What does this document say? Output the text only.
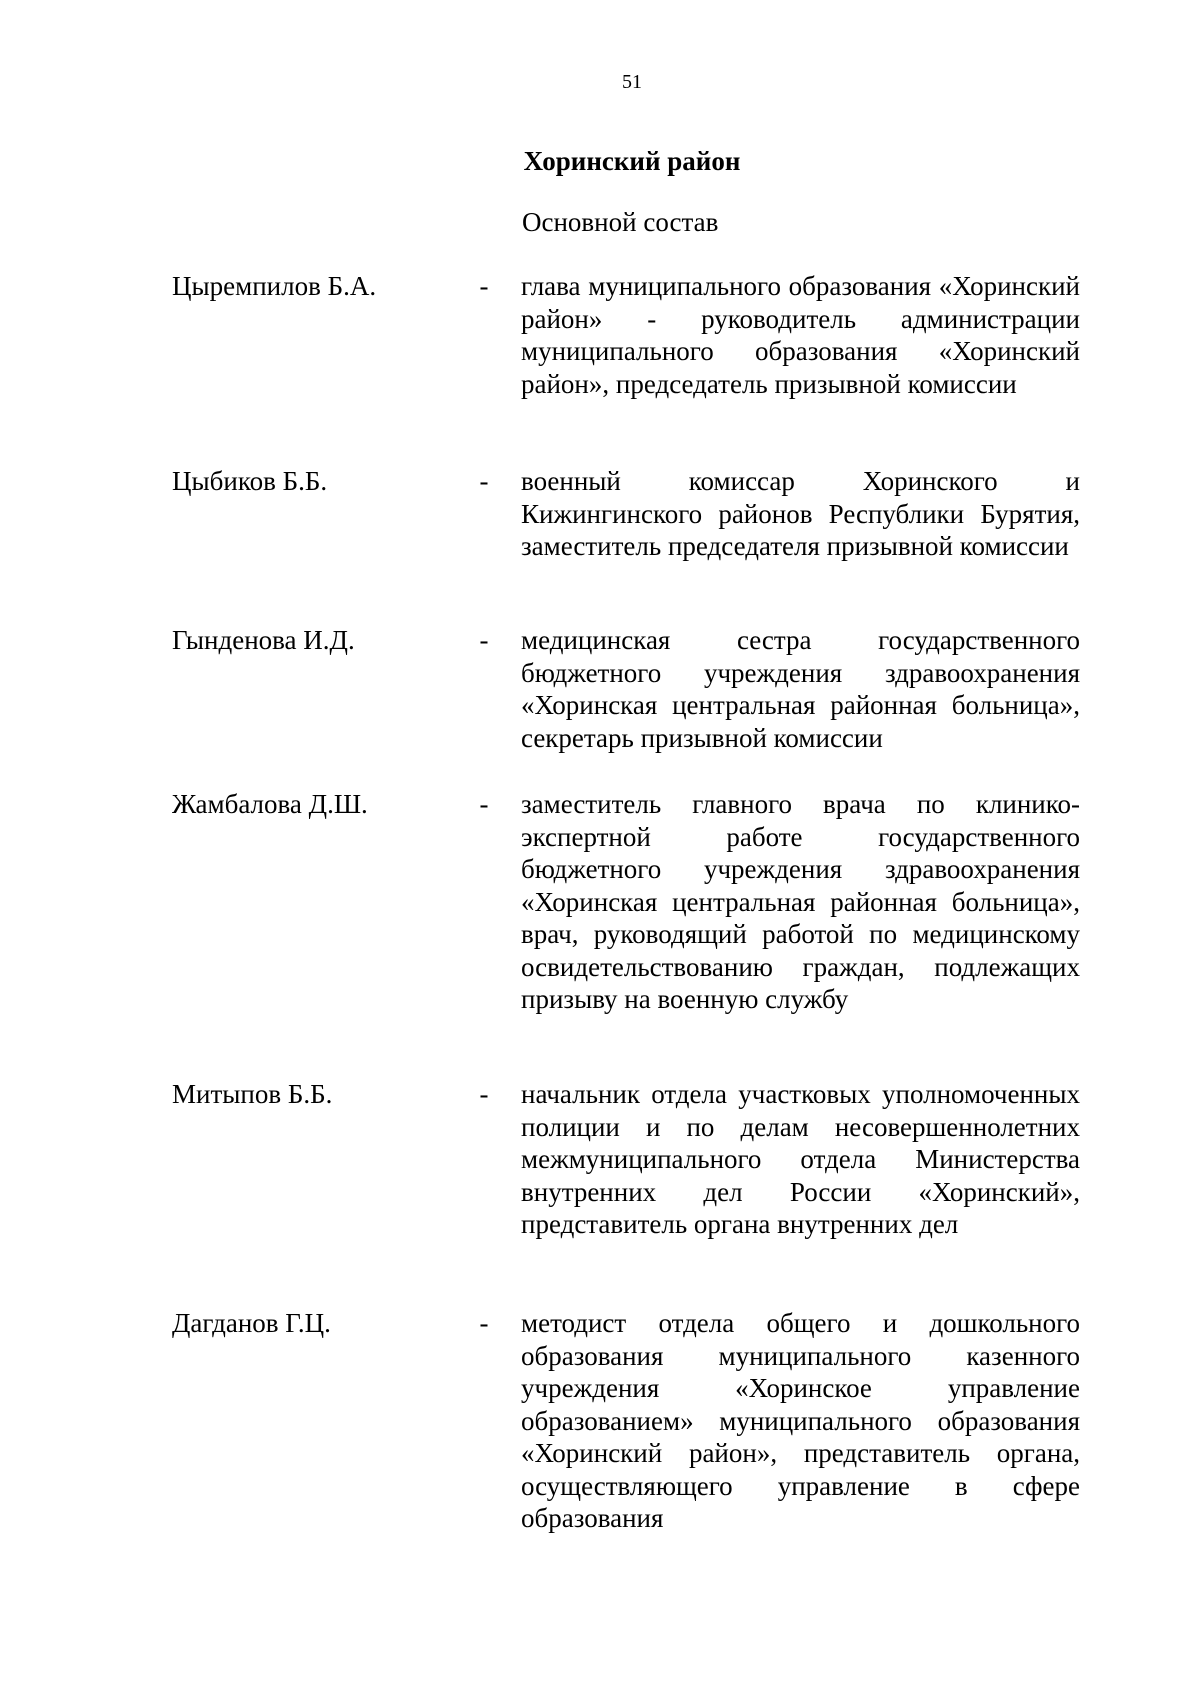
51
Хоринский район
Основной состав
Цыремпилов Б.А.	- глава муниципального образования «Хоринский район» - руководитель администрации муниципального образования «Хоринский район», председатель призывной комиссии
Цыбиков Б.Б.	- военный комиссар Хоринского и Кижингинского районов Республики Бурятия, заместитель председателя призывной комиссии
Гынденова И.Д.	- медицинская сестра государственного бюджетного учреждения здравоохранения «Хоринская центральная районная больница», секретарь призывной комиссии
Жамбалова Д.Ш.	- заместитель главного врача по клинико-экспертной работе государственного бюджетного учреждения здравоохранения «Хоринская центральная районная больница», врач, руководящий работой по медицинскому освидетельствованию граждан, подлежащих призыву на военную службу
Митыпов Б.Б.	- начальник отдела участковых уполномоченных полиции и по делам несовершеннолетних межмуниципального отдела Министерства внутренних дел России «Хоринский», представитель органа внутренних дел
Дагданов Г.Ц.	- методист отдела общего и дошкольного образования муниципального казенного учреждения «Хоринское управление образованием» муниципального образования «Хоринский район», представитель органа, осуществляющего управление в сфере образования
